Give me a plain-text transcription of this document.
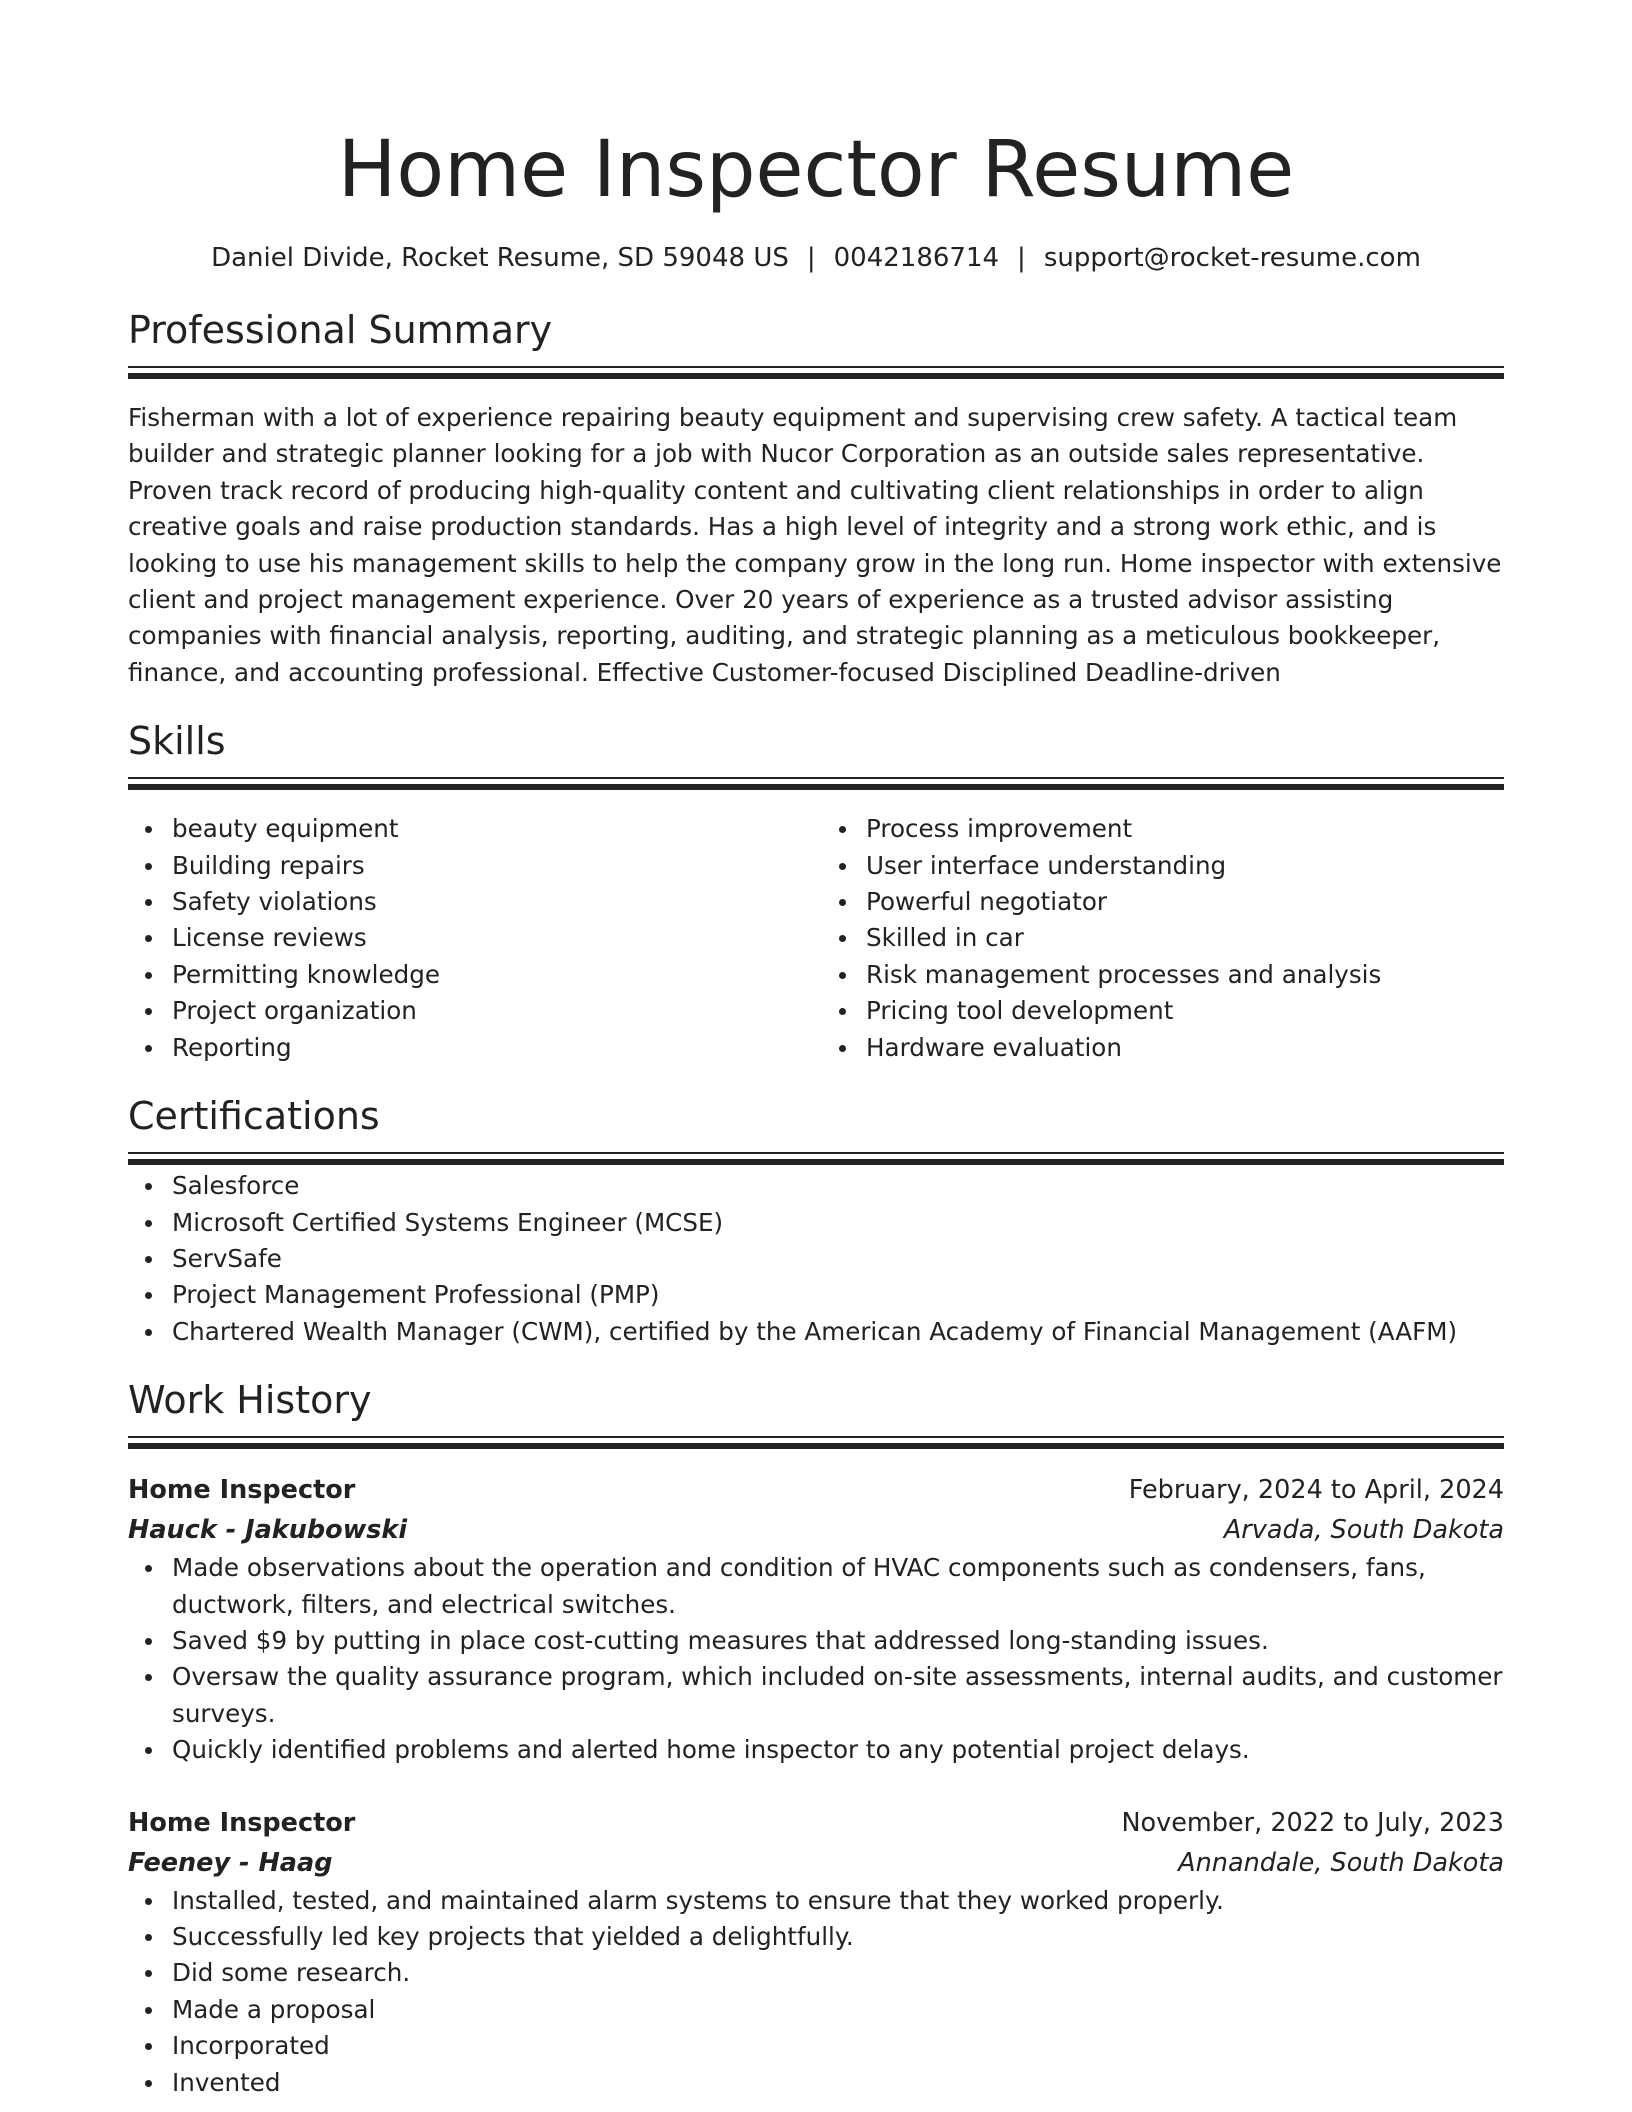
Home Inspector Resume
Daniel Divide, Rocket Resume, SD 59048 US | 0042186714 | support@rocket-resume.com
Professional Summary

Fisherman with a lot of experience repairing beauty equipment and supervising crew safety. A tactical team builder and strategic planner looking for a job with Nucor Corporation as an outside sales representative. Proven track record of producing high-quality content and cultivating client relationships in order to align creative goals and raise production standards. Has a high level of integrity and a strong work ethic, and is looking to use his management skills to help the company grow in the long run. Home inspector with extensive client and project management experience. Over 20 years of experience as a trusted advisor assisting companies with financial analysis, reporting, auditing, and strategic planning as a meticulous bookkeeper, finance, and accounting professional. Effective Customer-focused Disciplined Deadline-driven

Skills
beauty equipment
Building repairs
Safety violations
License reviews
Permitting knowledge
Project organization
Reporting
Process improvement
User interface understanding
Powerful negotiator
Skilled in car
Risk management processes and analysis
Pricing tool development
Hardware evaluation
Certifications
Salesforce
Microsoft Certified Systems Engineer (MCSE)
ServSafe
Project Management Professional (PMP)
Chartered Wealth Manager (CWM), certified by the American Academy of Financial Management (AAFM)
Work History
Home Inspector	February, 2024 to April, 2024
Hauck - Jakubowski	Arvada, South Dakota
Made observations about the operation and condition of HVAC components such as condensers, fans, ductwork, filters, and electrical switches.
Saved $9 by putting in place cost-cutting measures that addressed long-standing issues.
Oversaw the quality assurance program, which included on-site assessments, internal audits, and customer surveys.
Quickly identified problems and alerted home inspector to any potential project delays.
Home Inspector	November, 2022 to July, 2023
Feeney - Haag	Annandale, South Dakota
Installed, tested, and maintained alarm systems to ensure that they worked properly.
Successfully led key projects that yielded a delightfully.
Did some research.
Made a proposal
Incorporated
Invented
